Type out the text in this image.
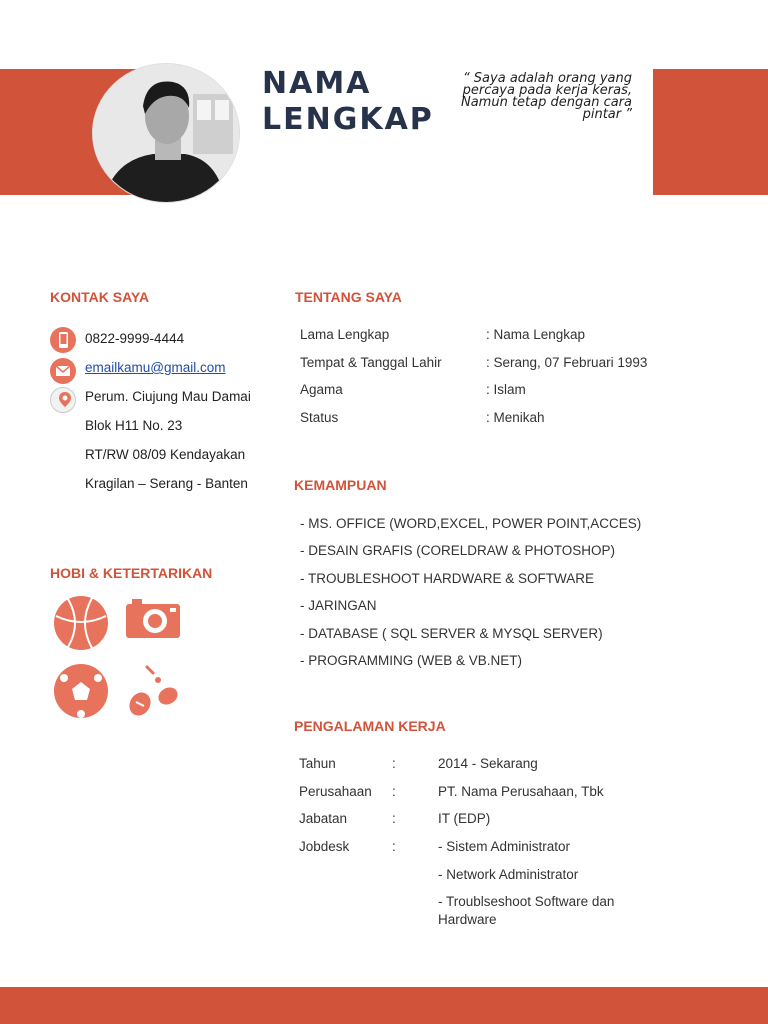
NAMA
LENGKAP
“ Saya adalah orang yang
percaya pada kerja keras,
Namun tetap dengan cara
pintar ”
KONTAK SAYA
0822-9999-4444
emailkamu@gmail.com
Perum. Ciujung Mau Damai
Blok H11 No. 23
RT/RW 08/09 Kendayakan
Kragilan – Serang - Banten
HOBI & KETERTARIKAN
TENTANG SAYA
Lama Lengkap	: Nama Lengkap
Tempat & Tanggal Lahir	: Serang, 07 Februari 1993
Agama	: Islam
Status	: Menikah
KEMAMPUAN
- MS. OFFICE (WORD,EXCEL, POWER POINT,ACCES)
- DESAIN GRAFIS (CORELDRAW & PHOTOSHOP)
- TROUBLESHOOT HARDWARE & SOFTWARE
- JARINGAN
- DATABASE ( SQL SERVER & MYSQL SERVER)
- PROGRAMMING (WEB & VB.NET)
PENGALAMAN KERJA
Tahun	:	2014 - Sekarang
Perusahaan :	PT. Nama Perusahaan, Tbk
Jabatan	:	IT (EDP)
Jobdesk	:	- Sistem Administrator
- Network Administrator
- Troublseshoot Software dan
Hardware
